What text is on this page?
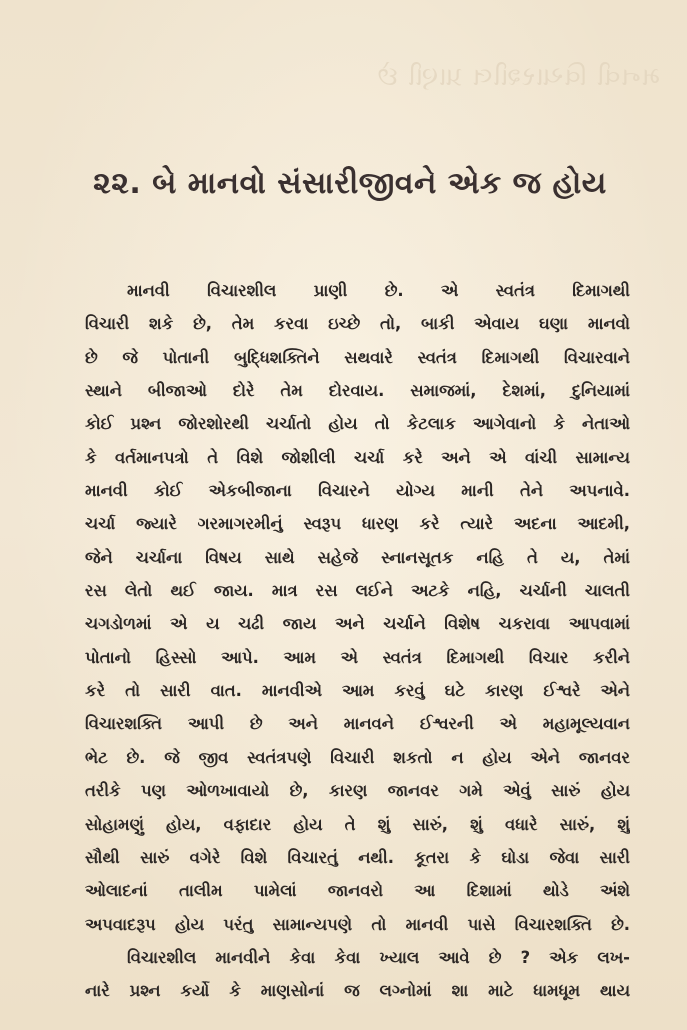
મનવી વિચારશીલ પ્રાણી છે
૨૨. બે માનવો સંસારીજીવને એક જ હોય
માનવી વિચારશીલ પ્રાણી છે. એ સ્વતંત્ર દિમાગથી
વિચારી શકે છે, તેમ કરવા ઇચ્છે તો, બાકી એવાય ઘણા માનવો
છે જે પોતાની બુદ્ધિશક્તિને સથવારે સ્વતંત્ર દિમાગથી વિચારવાને
સ્થાને બીજાઓ દોરે તેમ દોરવાય. સમાજમાં, દેશમાં, દુનિયામાં
કોઈ પ્રશ્ન જોરશોરથી ચર્ચાતો હોય તો કેટલાક આગેવાનો કે નેતાઓ
કે વર્તમાનપત્રો તે વિશે જોશીલી ચર્ચા કરે અને એ વાંચી સામાન્ય
માનવી કોઈ એકબીજાના વિચારને યોગ્ય માની તેને અપનાવે.
ચર્ચા જ્યારે ગરમાગરમીનું સ્વરૂપ ધારણ કરે ત્યારે અદના આદમી,
જેને ચર્ચાના વિષય સાથે સહેજે સ્નાનસૂતક નહિ તે ય, તેમાં
રસ લેતો થઈ જાય. માત્ર રસ લઈને અટકે નહિ, ચર્ચાની ચાલતી
ચગડોળમાં એ ય ચઢી જાય અને ચર્ચાને વિશેષ ચકરાવા આપવામાં
પોતાનો હિસ્સો આપે. આમ એ સ્વતંત્ર દિમાગથી વિચાર કરીને
કરે તો સારી વાત. માનવીએ આમ કરવું ઘટે કારણ ઈશ્વરે એને
વિચારશક્તિ આપી છે અને માનવને ઈશ્વરની એ મહામૂલ્યવાન
ભેટ છે. જે જીવ સ્વતંત્રપણે વિચારી શકતો ન હોય એને જાનવર
તરીકે પણ ઓળખાવાયો છે, કારણ જાનવર ગમે એવું સારું હોય
સોહામણું હોય, વફાદાર હોય તે શું સારું, શું વધારે સારું, શું
સૌથી સારું વગેરે વિશે વિચારતું નથી. કૂતરા કે ઘોડા જેવા સારી
ઓલાદનાં તાલીમ પામેલાં જાનવરો આ દિશામાં થોડે અંશે
અપવાદરૂપ હોય પરંતુ સામાન્યપણે તો માનવી પાસે વિચારશક્તિ છે.
વિચારશીલ માનવીને કેવા કેવા ખ્યાલ આવે છે ? એક લખ-
નારે પ્રશ્ન કર્યો કે માણસોનાં જ લગ્નોમાં શા માટે ધામધૂમ થાય
